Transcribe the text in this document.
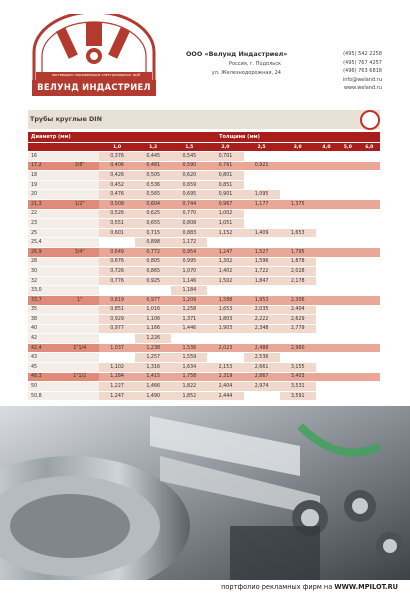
поставщики нержавеющих электросварных труб
ВЕЛУНД ИНДАСТРИЕЛ
ООО «Велунд Индастриел»
Россия, г. Подольск
ул. Железнодорожная, 24
(495) 542 2258
(495) 767 4257
(496) 763 6818
info@weland.ru
www.weland.ru
Трубы круглые DIN
Диаметр (мм)		Толщина (мм)								
		1,0	1,2	1,5	2,0	2,5	3,0	4,0	5,0	6,0
16		0,376	0,445	0,545	0,701					
17,2	3/8"	0,406	0,481	0,590	0,761	0,921				
18		0,426	0,505	0,620	0,801					
19		0,452	0,536	0,659	0,851					
20		0,476	0,565	0,695	0,901	1,095				
21,3	1/2"	0,508	0,604	0,744	0,967	1,177	1,375			
22		0,526	0,625	0,770	1,002					
23		0,551	0,655	0,808	1,051					
25		0,601	0,715	0,883	1,152	1,409	1,653			
25,4			0,898	1,172						
26,9	3/4"	0,649	0,772	0,954	1,247	1,527	1,795			
28		0,676	0,805	0,995	1,302	1,596	1,878			
30		0,726	0,865	1,070	1,402	1,722	2,028			
32		0,776	0,925	1,146	1,502	1,847	2,178			
33,0				1,184						
33,7	1"	0,819	0,977	1,209	1,588	1,953	2,306			
35		0,851	1,016	1,258	1,653	2,035	2,404			
38		0,929	1,106	1,371	1,803	2,222	2,629			
40		0,977	1,166	1,446	1,903	2,348	2,779			
42			1,226							
42,4	1"1/4	1,037	1,238	1,536	2,023	2,488	2,960			
43			1,257	1,559		2,536				
45		1,102	1,316	1,634	2,153	2,661	3,155			
48,3	1"1/2	1,184	1,415	1,758	2,319	2,867	3,403			
50		1,227	1,466	1,822	2,404	2,974	3,531			
50,8		1,247	1,490	1,852	2,444		3,591			
портфолио рекламных фирм на WWW.MPILOT.RU
